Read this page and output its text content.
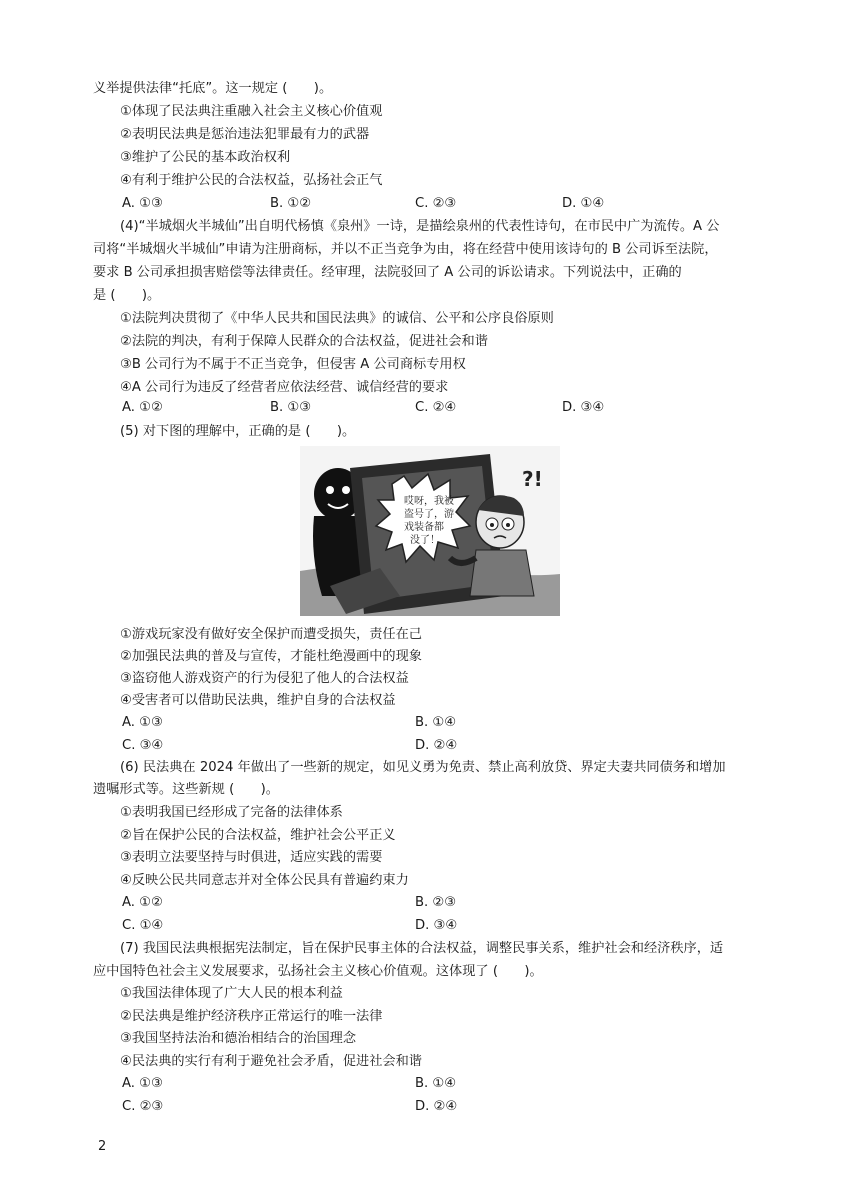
义举提供法律“托底”。这一规定 (　　)。
①体现了民法典注重融入社会主义核心价值观
②表明民法典是惩治违法犯罪最有力的武器
③维护了公民的基本政治权利
④有利于维护公民的合法权益，弘扬社会正气
A. ①③	B. ①②	C. ②③	D. ①④
(4)“半城烟火半城仙”出自明代杨慎《泉州》一诗，是描绘泉州的代表性诗句，在市民中广为流传。A 公
司将“半城烟火半城仙”申请为注册商标，并以不正当竞争为由，将在经营中使用该诗句的 B 公司诉至法院，
要求 B 公司承担损害赔偿等法律责任。经审理，法院驳回了 A 公司的诉讼请求。下列说法中，正确的
是 (　　)。
①法院判决贯彻了《中华人民共和国民法典》的诚信、公平和公序良俗原则
②法院的判决，有利于保障人民群众的合法权益，促进社会和谐
③B 公司行为不属于不正当竞争，但侵害 A 公司商标专用权
④A 公司行为违反了经营者应依法经营、诚信经营的要求
A. ①②	B. ①③	C. ②④	D. ③④
(5) 对下图的理解中，正确的是 (　　)。
哎呀，我被
盗号了，游
戏装备都
没了！
?!
①游戏玩家没有做好安全保护而遭受损失，责任在己
②加强民法典的普及与宣传，才能杜绝漫画中的现象
③盗窃他人游戏资产的行为侵犯了他人的合法权益
④受害者可以借助民法典，维护自身的合法权益
A. ①③	B. ①④
C. ③④	D. ②④
(6) 民法典在 2024 年做出了一些新的规定，如见义勇为免责、禁止高利放贷、界定夫妻共同债务和增加
遗嘱形式等。这些新规 (　　)。
①表明我国已经形成了完备的法律体系
②旨在保护公民的合法权益，维护社会公平正义
③表明立法要坚持与时俱进，适应实践的需要
④反映公民共同意志并对全体公民具有普遍约束力
A. ①②	B. ②③
C. ①④	D. ③④
(7) 我国民法典根据宪法制定，旨在保护民事主体的合法权益，调整民事关系，维护社会和经济秩序，适
应中国特色社会主义发展要求，弘扬社会主义核心价值观。这体现了 (　　)。
①我国法律体现了广大人民的根本利益
②民法典是维护经济秩序正常运行的唯一法律
③我国坚持法治和德治相结合的治国理念
④民法典的实行有利于避免社会矛盾，促进社会和谐
A. ①③	B. ①④
C. ②③	D. ②④
2
